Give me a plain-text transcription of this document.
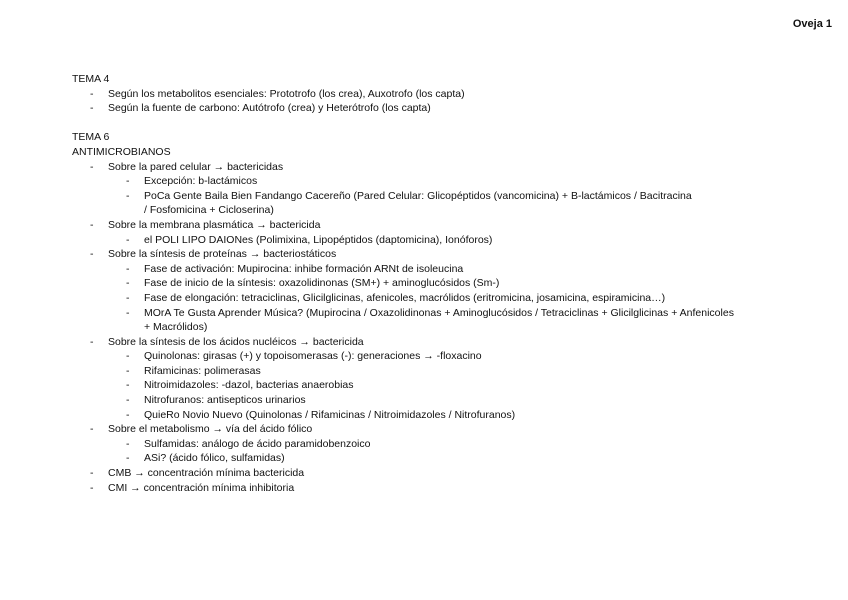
Oveja 1
TEMA 4
- Según los metabolitos esenciales: Prototrofo (los crea), Auxotrofo (los capta)
- Según la fuente de carbono: Autótrofo (crea) y Heterótrofo (los capta)
TEMA 6
ANTIMICROBIANOS
- Sobre la pared celular → bactericidas
- Excepción: b-lactámicos
- PoCa Gente Baila Bien Fandango Cacereño (Pared Celular: Glicopéptidos (vancomicina) + B-lactámicos / Bacitracina
/ Fosfomicina + Cicloserina)
- Sobre la membrana plasmática → bactericida
- el POLI LIPO DAIONes (Polimixina, Lipopéptidos (daptomicina), Ionóforos)
- Sobre la síntesis de proteínas → bacteriostáticos
- Fase de activación: Mupirocina: inhibe formación ARNt de isoleucina
- Fase de inicio de la síntesis: oxazolidinonas (SM+) + aminoglucósidos (Sm-)
- Fase de elongación: tetraciclinas, Glicilglicinas, afenicoles, macrólidos (eritromicina, josamicina, espiramicina…)
- MOrA Te Gusta Aprender Música? (Mupirocina / Oxazolidinonas + Aminoglucósidos / Tetraciclinas + Glicilglicinas + Anfenicoles
+ Macrólidos)
- Sobre la síntesis de los ácidos nucléicos → bactericida
- Quinolonas: girasas (+) y topoisomerasas (-): generaciones → -floxacino
- Rifamicinas: polimerasas
- Nitroimidazoles: -dazol, bacterias anaerobias
- Nitrofuranos: antisepticos urinarios
- QuieRo Novio Nuevo (Quinolonas / Rifamicinas / Nitroimidazoles / Nitrofuranos)
- Sobre el metabolismo → vía del ácido fólico
- Sulfamidas: análogo de ácido paramidobenzoico
- ASi? (ácido fólico, sulfamidas)
- CMB → concentración mínima bactericida
- CMI → concentración mínima inhibitoria
